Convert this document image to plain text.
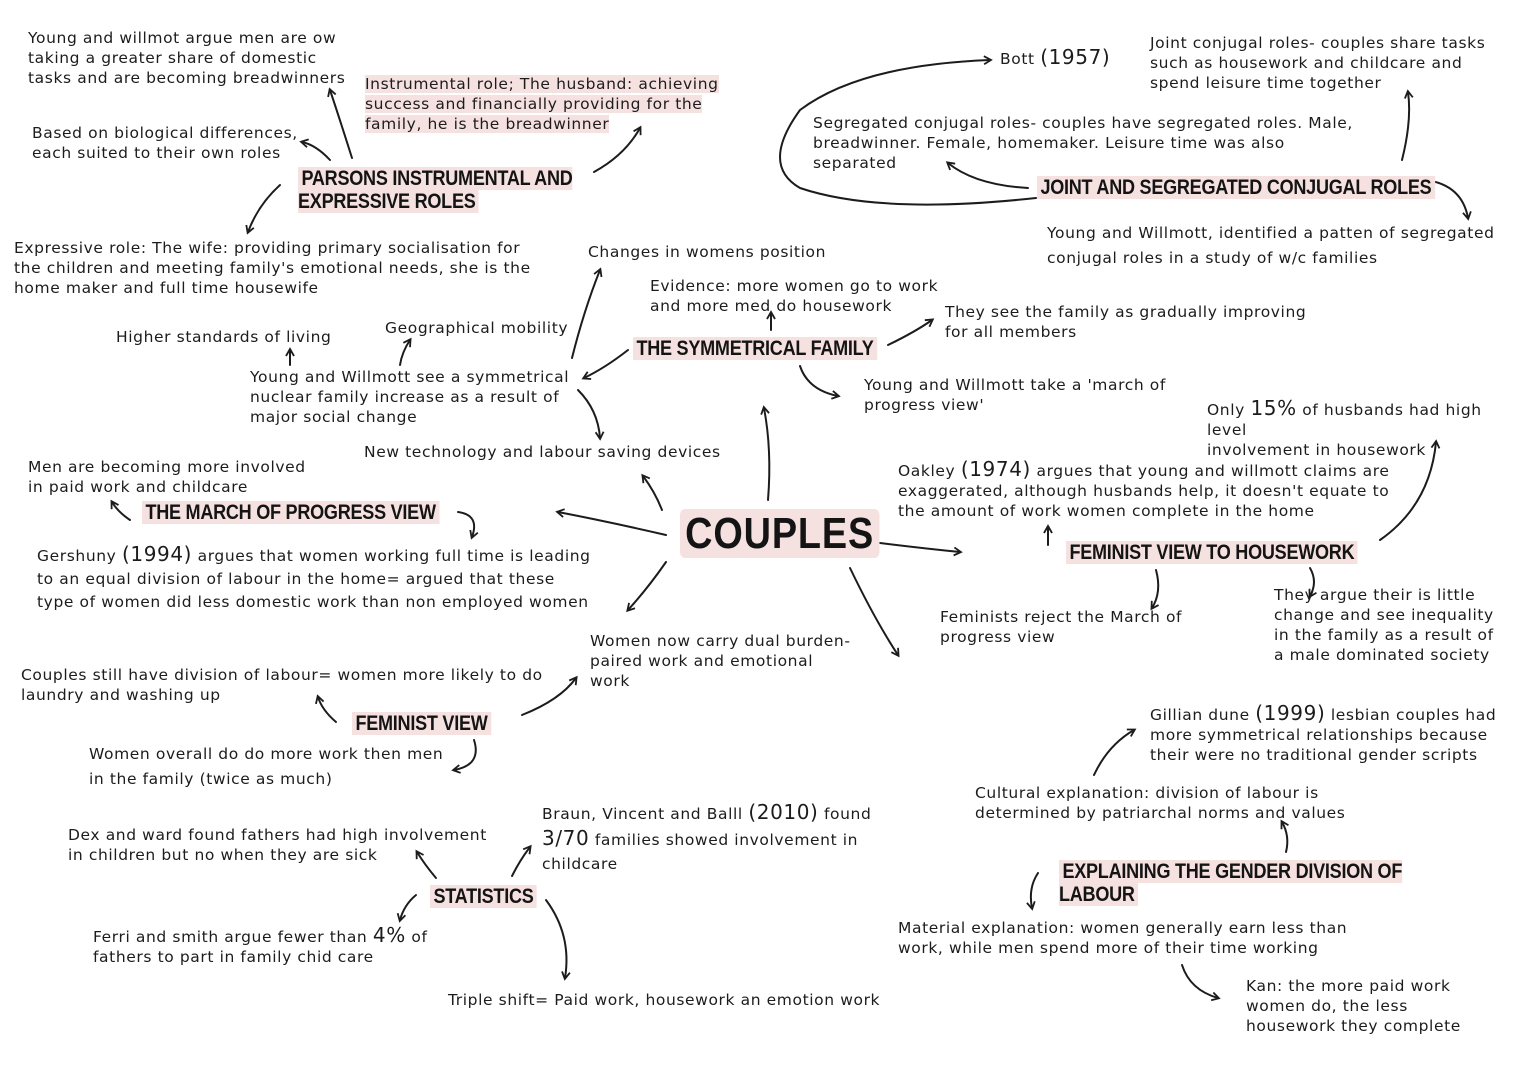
COUPLES
PARSONS INSTRUMENTAL AND
EXPRESSIVE ROLES
THE SYMMETRICAL FAMILY
JOINT AND SEGREGATED CONJUGAL ROLES
THE MARCH OF PROGRESS VIEW
FEMINIST VIEW TO HOUSEWORK
FEMINIST VIEW
STATISTICS
EXPLAINING THE GENDER DIVISION OF LABOUR
Young and willmot argue men are ow
taking a greater share of domestic
tasks and are becoming breadwinners Instrumental role; The husband: achieving
success and financially providing for the
family, he is the breadwinner
Based on biological differences,
each suited to their own roles
Expressive role: The wife: providing primary socialisation for
the children and meeting family's emotional needs, she is the
home maker and full time housewife
Bott (1957)
Joint conjugal roles- couples share tasks
such as housework and childcare and
spend leisure time together
Segregated conjugal roles- couples have segregated roles. Male,
breadwinner. Female, homemaker. Leisure time was also
separated
Young and Willmott, identified a patten of segregated
conjugal roles in a study of w/c families
Changes in womens position
Evidence: more women go to work
and more med do housework	They see the family as gradually improving
for all members
Higher standards of living	Geographical mobility
Young and Willmott see a symmetrical
nuclear family increase as a result of
major social change
Young and Willmott take a 'march of
progress view'
New technology and labour saving devices
Only 15% of husbands had high level
involvement in housework
Men are becoming more involved
in paid work and childcare
Oakley (1974) argues that young and willmott claims are
exaggerated, although husbands help, it doesn't equate to
the amount of work women complete in the home
Gershuny (1994) argues that women working full time is leading
to an equal division of labour in the home= argued that these
type of women did less domestic work than non employed women
Feminists reject the March of
progress view
They argue their is little
change and see inequality
in the family as a result of
a male dominated society
Women now carry dual burden-
paired work and emotional
work
Couples still have division of labour= women more likely to do
laundry and washing up
Gillian dune (1999) lesbian couples had
more symmetrical relationships because
their were no traditional gender scripts
Women overall do do more work then men
in the family (twice as much)
Braun, Vincent and Balll (2010) found
3/70 families showed involvement in
childcare
Cultural explanation: division of labour is
determined by patriarchal norms and values
Dex and ward found fathers had high involvement
in children but no when they are sick
Ferri and smith argue fewer than 4% of
fathers to part in family chid care
Material explanation: women generally earn less than
work, while men spend more of their time working
Triple shift= Paid work, housework an emotion work
Kan: the more paid work
women do, the less
housework they complete
